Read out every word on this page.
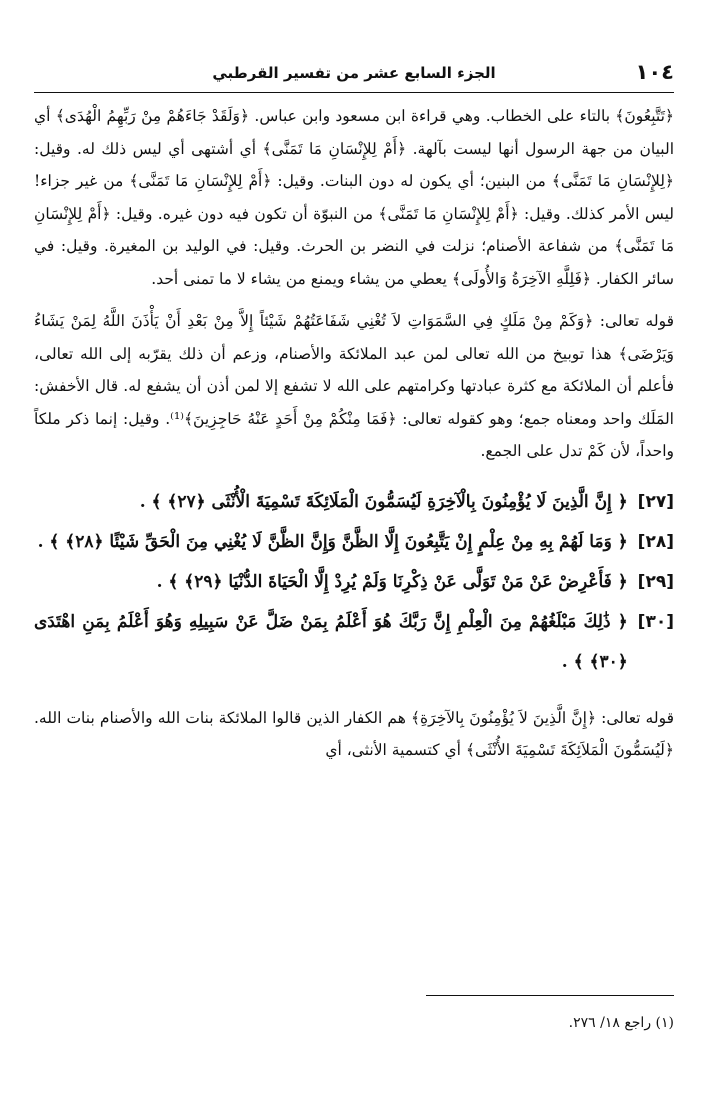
١٠٤
الجزء السابع عشر من تفسير القرطبي

﴿تَتَّبِعُونَ﴾ بالتاء على الخطاب. وهي قراءة ابن مسعود وابن عباس. ﴿وَلَقَدْ جَاءَهُمْ مِنْ رَبِّهِمُ الْهُدَى﴾ أي البيان من جهة الرسول أنها ليست بآلهة. ﴿أَمْ لِلإِنْسَانِ مَا تَمَنَّى﴾ أي أشتهى أي ليس ذلك له. وقيل: ﴿لِلإِنْسَانِ مَا تَمَنَّى﴾ من البنين؛ أي يكون له دون البنات. وقيل: ﴿أَمْ لِلإِنْسَانِ مَا تَمَنَّى﴾ من غير جزاء! ليس الأمر كذلك. وقيل: ﴿أَمْ لِلإِنْسَانِ مَا تَمَنَّى﴾ من النبوّة أن تكون فيه دون غيره. وقيل: ﴿أَمْ لِلإِنْسَانِ مَا تَمَنَّى﴾ من شفاعة الأصنام؛ نزلت في النضر بن الحرث. وقيل: في الوليد بن المغيرة. وقيل: في سائر الكفار. ﴿فَلِلَّهِ الآخِرَةُ وَالأُولَى﴾ يعطي من يشاء ويمنع من يشاء لا ما تمنى أحد.

قوله تعالى: ﴿وَكَمْ مِنْ مَلَكٍ فِي السَّمَوَاتِ لاَ تُغْنِي شَفَاعَتُهُمْ شَيْئاً إِلاَّ مِنْ بَعْدِ أَنْ يَأْذَنَ اللَّهُ لِمَنْ يَشَاءُ وَيَرْضَى﴾ هذا توبيخ من الله تعالى لمن عبد الملائكة والأصنام، وزعم أن ذلك يقرّبه إلى الله تعالى، فأعلم أن الملائكة مع كثرة عبادتها وكرامتهم على الله لا تشفع إلا لمن أذن أن يشفع له. قال الأخفش: المَلَك واحد ومعناه جمع؛ وهو كقوله تعالى: ﴿فَمَا مِنْكُمْ مِنْ أَحَدٍ عَنْهُ حَاجِزِينَ﴾⁽¹⁾. وقيل: إنما ذكر ملكاً واحداً، لأن كَمْ تدل على الجمع.

[٢٧]
﴿ إِنَّ الَّذِينَ لَا يُؤْمِنُونَ بِالْآخِرَةِ لَيُسَمُّونَ الْمَلَائِكَةَ تَسْمِيَةَ الْأُنْثَى ﴿٢٧﴾ ﴾ .
[٢٨]
﴿ وَمَا لَهُمْ بِهِ مِنْ عِلْمٍ إِنْ يَتَّبِعُونَ إِلَّا الظَّنَّ وَإِنَّ الظَّنَّ لَا يُغْنِي مِنَ الْحَقِّ شَيْئًا ﴿٢٨﴾ ﴾ .
[٢٩]
﴿ فَأَعْرِضْ عَنْ مَنْ تَوَلَّى عَنْ ذِكْرِنَا وَلَمْ يُرِدْ إِلَّا الْحَيَاةَ الدُّنْيَا ﴿٢٩﴾ ﴾ .
[٣٠]
﴿ ذَٰلِكَ مَبْلَغُهُمْ مِنَ الْعِلْمِ إِنَّ رَبَّكَ هُوَ أَعْلَمُ بِمَنْ ضَلَّ عَنْ سَبِيلِهِ وَهُوَ أَعْلَمُ بِمَنِ اهْتَدَى ﴿٣٠﴾ ﴾ .

قوله تعالى: ﴿إِنَّ الَّذِينَ لاَ يُؤْمِنُونَ بِالآخِرَةِ﴾ هم الكفار الذين قالوا الملائكة بنات الله والأصنام بنات الله. ﴿لَيُسَمُّونَ الْمَلاَئِكَةَ تَسْمِيَةَ الأُنْثَى﴾ أي كتسمية الأنثى، أي

(١) راجع ١٨/ ٢٧٦.
